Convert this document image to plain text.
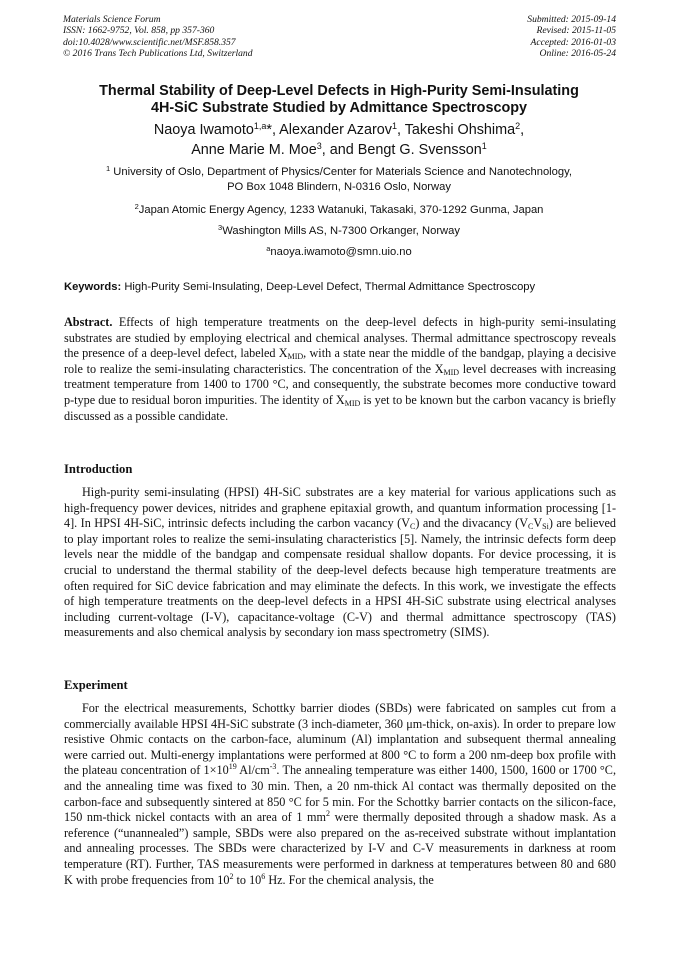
Materials Science Forum
ISSN: 1662-9752, Vol. 858, pp 357-360
doi:10.4028/www.scientific.net/MSF.858.357
© 2016 Trans Tech Publications Ltd, Switzerland
Submitted: 2015-09-14
Revised: 2015-11-05
Accepted: 2016-01-03
Online: 2016-05-24
Thermal Stability of Deep-Level Defects in High-Purity Semi-Insulating
4H-SiC Substrate Studied by Admittance Spectroscopy
Naoya Iwamoto$^{1,a}$*, Alexander Azarov$^1$, Takeshi Ohshima$^2$,
Anne Marie M. Moe$^3$, and Bengt G. Svensson$^1$
$^1$ University of Oslo, Department of Physics/Center for Materials Science and Nanotechnology,
PO Box 1048 Blindern, N-0316 Oslo, Norway
$^2$Japan Atomic Energy Agency, 1233 Watanuki, Takasaki, 370-1292 Gunma, Japan
$^3$Washington Mills AS, N-7300 Orkanger, Norway
$^a$naoya.iwamoto@smn.uio.no
Keywords: High-Purity Semi-Insulating, Deep-Level Defect, Thermal Admittance Spectroscopy

Abstract. Effects of high temperature treatments on the deep-level defects in high-purity semi-insulating substrates are studied by employing electrical and chemical analyses. Thermal admittance spectroscopy reveals the presence of a deep-level defect, labeled $X_{MID}$, with a state near the middle of the bandgap, playing a decisive role to realize the semi-insulating characteristics. The concentration of the $X_{MID}$ level decreases with increasing treatment temperature from 1400 to 1700 °C, and consequently, the substrate becomes more conductive toward p-type due to residual boron impurities. The identity of $X_{MID}$ is yet to be known but the carbon vacancy is briefly discussed as a possible candidate.

Introduction

High-purity semi-insulating (HPSI) 4H-SiC substrates are a key material for various applications such as high-frequency power devices, nitrides and graphene epitaxial growth, and quantum information processing [1-4]. In HPSI 4H-SiC, intrinsic defects including the carbon vacancy $(V_C)$ and the divacancy $(V_CV_{Si})$ are believed to play important roles to realize the semi-insulating characteristics [5]. Namely, the intrinsic defects form deep levels near the middle of the bandgap and compensate residual shallow dopants. For device processing, it is crucial to understand the thermal stability of the deep-level defects because high temperature treatments are often required for SiC device fabrication and may eliminate the defects. In this work, we investigate the effects of high temperature treatments on the deep-level defects in a HPSI 4H-SiC substrate using electrical analyses including current-voltage (I-V), capacitance-voltage (C-V) and thermal admittance spectroscopy (TAS) measurements and also chemical analysis by secondary ion mass spectrometry (SIMS).

Experiment

For the electrical measurements, Schottky barrier diodes (SBDs) were fabricated on samples cut from a commercially available HPSI 4H-SiC substrate (3 inch-diameter, 360 μm-thick, on-axis). In order to prepare low resistive Ohmic contacts on the carbon-face, aluminum (Al) implantation and subsequent thermal annealing were carried out. Multi-energy implantations were performed at 800 °C to form a 200 nm-deep box profile with the plateau concentration of $1\times 10^{19}$ $Al/cm^{-3}$. The annealing temperature was either 1400, 1500, 1600 or 1700 °C, and the annealing time was fixed to 30 min. Then, a 20 nm-thick Al contact was thermally deposited on the carbon-face and subsequently sintered at 850 °C for 5 min. For the Schottky barrier contacts on the silicon-face, 150 nm-thick nickel contacts with an area of 1 $mm^2$ were thermally deposited through a shadow mask. As a reference (“unannealed”) sample, SBDs were also prepared on the as-received substrate without implantation and annealing processes. The SBDs were characterized by I-V and C-V measurements in darkness at room temperature (RT). Further, TAS measurements were performed in darkness at temperatures between 80 and 680 K with probe frequencies from $10^2$ to $10^6$ Hz. For the chemical analysis, the
